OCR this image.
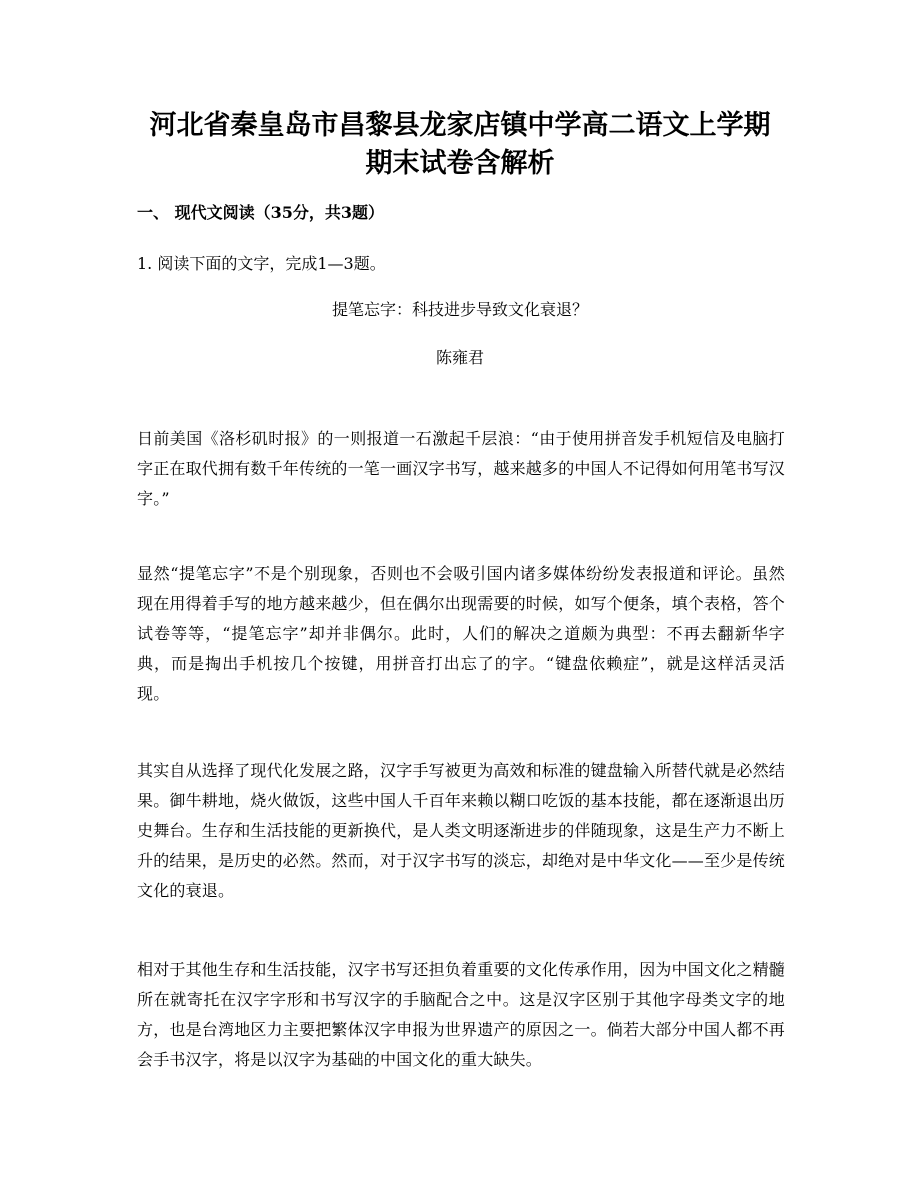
河北省秦皇岛市昌黎县龙家店镇中学高二语文上学期
期末试卷含解析

一、 现代文阅读（35分，共3题）

1. 阅读下面的文字，完成1—3题。

提笔忘字：科技进步导致文化衰退？

陈雍君

日前美国《洛杉矶时报》的一则报道一石激起千层浪：“由于使用拼音发手机短信及电脑打字正在取代拥有数千年传统的一笔一画汉字书写，越来越多的中国人不记得如何用笔书写汉字。”

显然“提笔忘字”不是个别现象，否则也不会吸引国内诸多媒体纷纷发表报道和评论。虽然现在用得着手写的地方越来越少，但在偶尔出现需要的时候，如写个便条，填个表格，答个试卷等等，“提笔忘字”却并非偶尔。此时，人们的解决之道颇为典型：不再去翻新华字典，而是掏出手机按几个按键，用拼音打出忘了的字。“键盘依赖症”，就是这样活灵活现。

其实自从选择了现代化发展之路，汉字手写被更为高效和标准的键盘输入所替代就是必然结果。御牛耕地，烧火做饭，这些中国人千百年来赖以糊口吃饭的基本技能，都在逐渐退出历史舞台。生存和生活技能的更新换代，是人类文明逐渐进步的伴随现象，这是生产力不断上升的结果，是历史的必然。然而，对于汉字书写的淡忘，却绝对是中华文化——至少是传统文化的衰退。

相对于其他生存和生活技能，汉字书写还担负着重要的文化传承作用，因为中国文化之精髓所在就寄托在汉字字形和书写汉字的手脑配合之中。这是汉字区别于其他字母类文字的地方，也是台湾地区力主要把繁体汉字申报为世界遗产的原因之一。倘若大部分中国人都不再会手书汉字，将是以汉字为基础的中国文化的重大缺失。
